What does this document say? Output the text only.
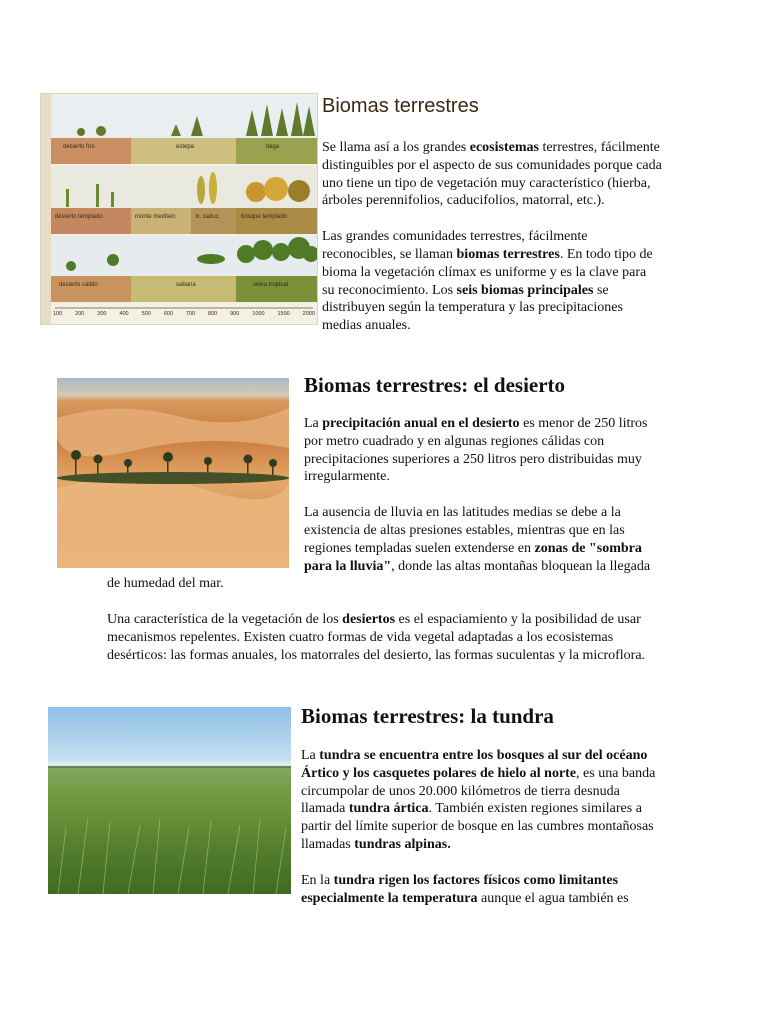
desierto frío	estepa	taiga
desierto templado	monte mediterr.	b. caduc.	bosque templado
desierto cálido	sabana	selva tropical
100 200 300 400 500 600 700 800 900 1000 1500 2000
Biomas terrestres

Se llama así a los grandes ecosistemas terrestres, fácilmente distinguibles por el aspecto de sus comunidades porque cada uno tiene un tipo de vegetación muy característico (hierba, árboles perennifolios, caducifolios, matorral, etc.).

Las grandes comunidades terrestres, fácilmente reconocibles, se llaman biomas terrestres. En todo tipo de bioma la vegetación clímax es uniforme y es la clave para su reconocimiento. Los seis biomas principales se distribuyen según la temperatura y las precipitaciones medias anuales.

Biomas terrestres: el desierto

La precipitación anual en el desierto es menor de 250 litros por metro cuadrado y en algunas regiones cálidas con precipitaciones superiores a 250 litros pero distribuidas muy irregularmente.

La ausencia de lluvia en las latitudes medias se debe a la existencia de altas presiones estables, mientras que en las regiones templadas suelen extenderse en zonas de "sombra para la lluvia", donde las altas montañas bloquean la llegada de humedad del mar.

Una característica de la vegetación de los desiertos es el espaciamiento y la posibilidad de usar mecanismos repelentes. Existen cuatro formas de vida vegetal adaptadas a los ecosistemas desérticos: las formas anuales, los matorrales del desierto, las formas suculentas y la microflora.

Biomas terrestres: la tundra

La tundra se encuentra entre los bosques al sur del océano Ártico y los casquetes polares de hielo al norte, es una banda circumpolar de unos 20.000 kilómetros de tierra desnuda llamada tundra ártica. También existen regiones similares a partir del límite superior de bosque en las cumbres montañosas llamadas tundras alpinas.

En la tundra rigen los factores físicos como limitantes especialmente la temperatura aunque el agua también es
